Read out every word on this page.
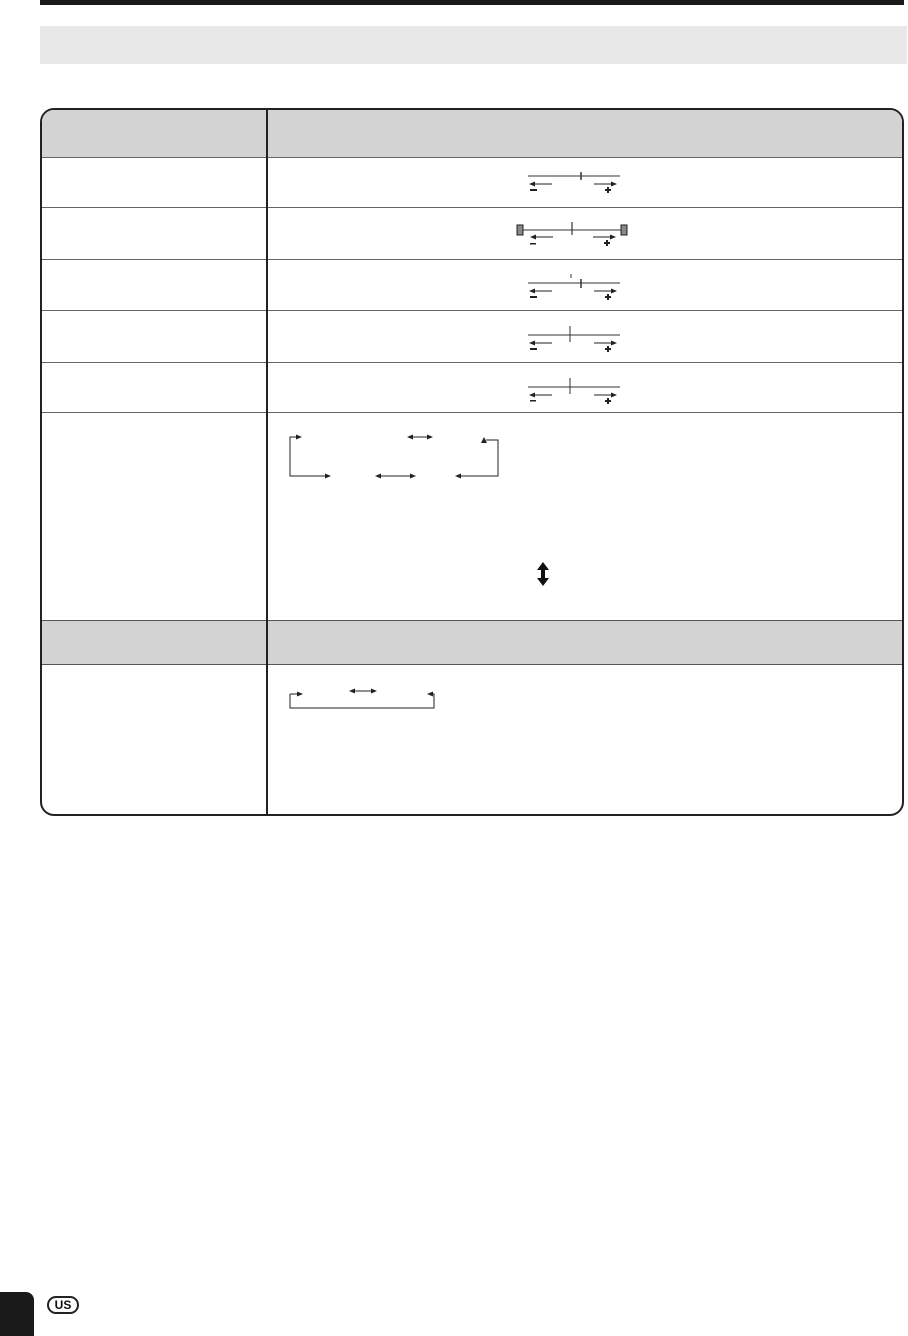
US
